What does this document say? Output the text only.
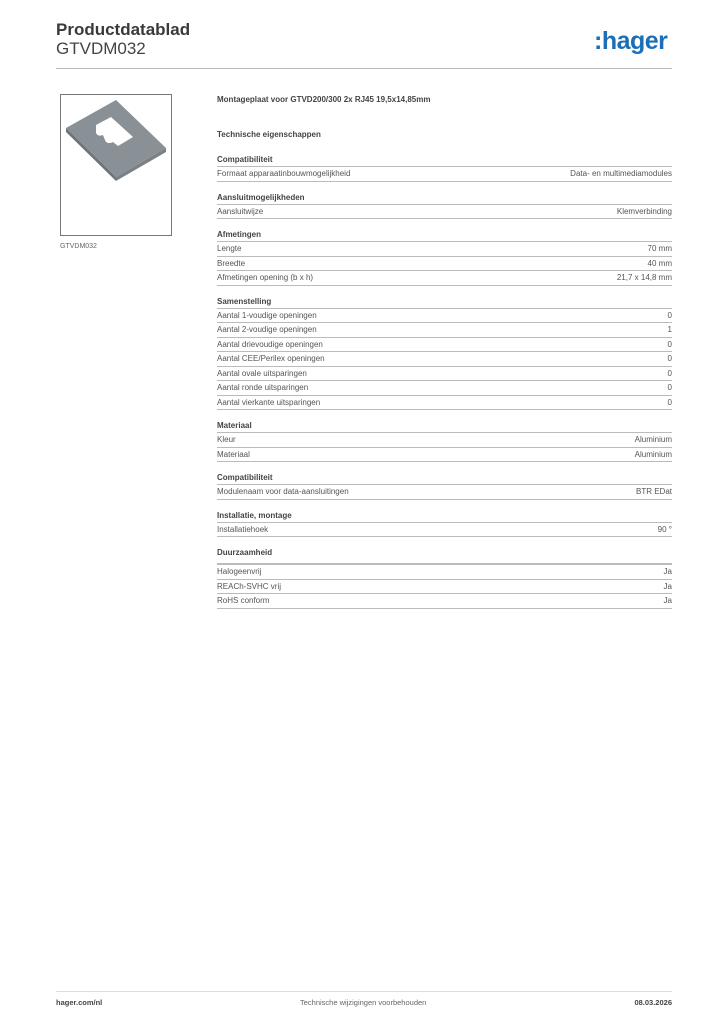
Productdatablad
GTVDM032	:hager
GTVDM032
Montageplaat voor GTVD200/300 2x RJ45 19,5x14,85mm
Technische eigenschappen
Compatibiliteit
Formaat apparaatinbouwmogelijkheid	Data- en multimediamodules
Aansluitmogelijkheden
Aansluitwijze	Klemverbinding
Afmetingen
Lengte	70 mm
Breedte	40 mm
Afmetingen opening (b x h)	21,7 x 14,8 mm
Samenstelling
Aantal 1-voudige openingen	0
Aantal 2-voudige openingen	1
Aantal drievoudige openingen	0
Aantal CEE/Perilex openingen	0
Aantal ovale uitsparingen	0
Aantal ronde uitsparingen	0
Aantal vierkante uitsparingen	0
Materiaal
Kleur	Aluminium
Materiaal	Aluminium
Compatibiliteit
Modulenaam voor data-aansluitingen	BTR EDat
Installatie, montage
Installatiehoek	90 °
Duurzaamheid
Halogeenvrij	Ja
REACh-SVHC vrij	Ja
RoHS conform	Ja
hager.com/nl	Technische wijzigingen voorbehouden	08.03.2026
